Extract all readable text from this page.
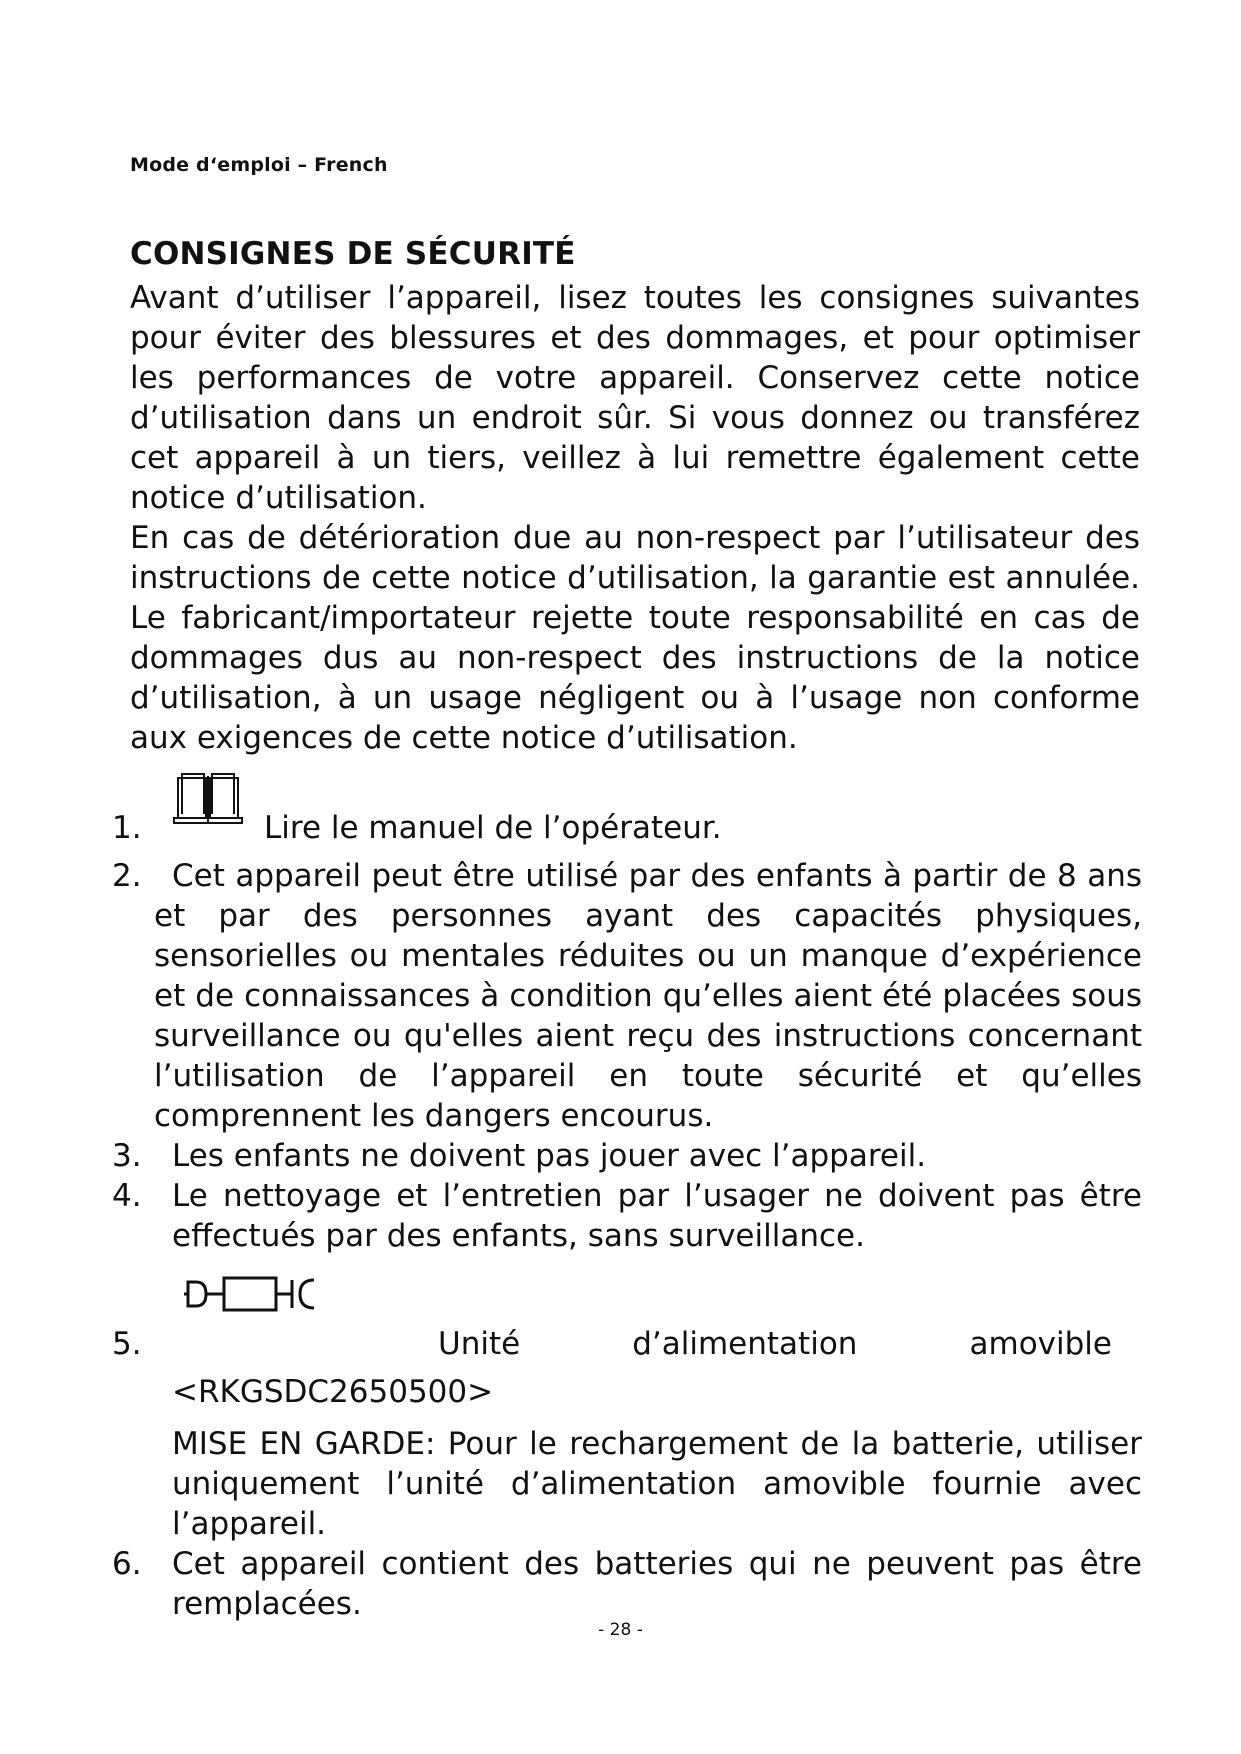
Mode d‘emploi – French
CONSIGNES DE SÉCURITÉ

Avant d’utiliser l’appareil, lisez toutes les consignes suivantes pour éviter des blessures et des dommages, et pour optimiser les performances de votre appareil. Conservez cette notice d’utilisation dans un endroit sûr. Si vous donnez ou transférez cet appareil à un tiers, veillez à lui remettre également cette notice d’utilisation.

En cas de détérioration due au non-respect par l’utilisateur des instructions de cette notice d’utilisation, la garantie est annulée. Le fabricant/importateur rejette toute responsabilité en cas de dommages dus au non-respect des instructions de la notice d’utilisation, à un usage négligent ou à l’usage non conforme aux exigences de cette notice d’utilisation.

1.	Lire le manuel de l’opérateur.
2. Cet appareil peut être utilisé par des enfants à partir de 8 ans et par des personnes ayant des capacités physiques, sensorielles ou mentales réduites ou un manque d’expérience et de connaissances à condition qu’elles aient été placées sous surveillance ou qu'elles aient reçu des instructions concernant l’utilisation de l’appareil en toute sécurité et qu’elles comprennent les dangers encourus.
3. Les enfants ne doivent pas jouer avec l’appareil.
4. Le nettoyage et l’entretien par l’usager ne doivent pas être effectués par des enfants, sans surveillance.
5.	Unité	d’alimentation	amovible

<RKGSDC2650500>

MISE EN GARDE: Pour le rechargement de la batterie, utiliser uniquement l’unité d’alimentation amovible fournie avec l’appareil.

6. Cet appareil contient des batteries qui ne peuvent pas être remplacées.
- 28 -
